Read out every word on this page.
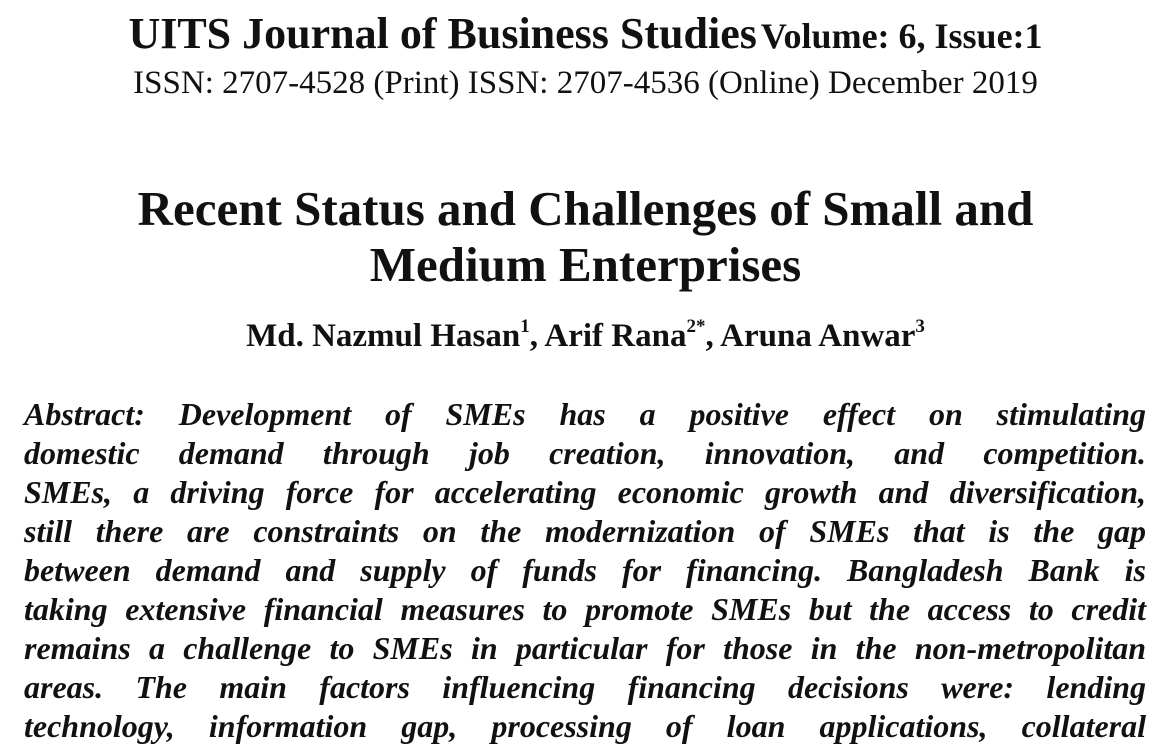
UITS Journal of Business Studies Volume: 6, Issue:1
ISSN: 2707-4528 (Print) ISSN: 2707-4536 (Online) December 2019
Recent Status and Challenges of Small and
Medium Enterprises
Md. Nazmul Hasan$^1$, Arif Rana$^{2*}$, Aruna Anwar$^3$
Abstract: Development of SMEs has a positive effect on stimulating
domestic demand through job creation, innovation, and competition.
SMEs, a driving force for accelerating economic growth and diversification,
still there are constraints on the modernization of SMEs that is the gap
between demand and supply of funds for financing. Bangladesh Bank is
taking extensive financial measures to promote SMEs but the access to credit
remains a challenge to SMEs in particular for those in the non-metropolitan
areas. The main factors influencing financing decisions were: lending
technology, information gap, processing of loan applications, collateral
